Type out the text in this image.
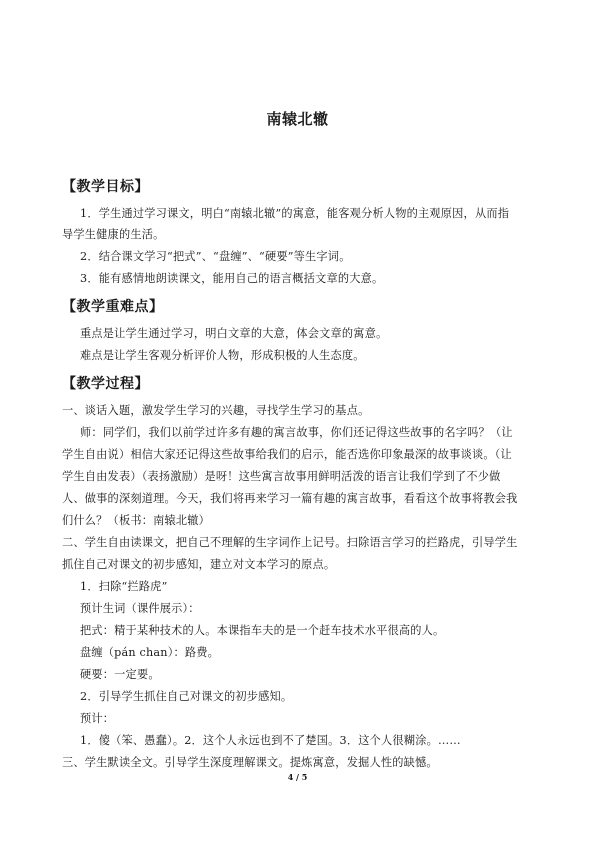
南辕北辙
【教学目标】
1．学生通过学习课文，明白“南辕北辙”的寓意，能客观分析人物的主观原因，从而指
导学生健康的生活。
2．结合课文学习“把式”、“盘缠”、“硬要”等生字词。
3．能有感情地朗读课文，能用自己的语言概括文章的大意。
【教学重难点】
重点是让学生通过学习，明白文章的大意，体会文章的寓意。
难点是让学生客观分析评价人物，形成积极的人生态度。
【教学过程】
一、谈话入题，激发学生学习的兴趣，寻找学生学习的基点。
师：同学们，我们以前学过许多有趣的寓言故事，你们还记得这些故事的名字吗？（让
学生自由说）相信大家还记得这些故事给我们的启示，能否选你印象最深的故事谈谈。（让
学生自由发表）（表扬激励）是呀！这些寓言故事用鲜明活泼的语言让我们学到了不少做
人、做事的深刻道理。今天，我们将再来学习一篇有趣的寓言故事，看看这个故事将教会我
们什么？（板书：南辕北辙）
二、学生自由读课文，把自己不理解的生字词作上记号。扫除语言学习的拦路虎，引导学生
抓住自己对课文的初步感知，建立对文本学习的原点。
1．扫除“拦路虎”
预计生词（课件展示）：
把式：精于某种技术的人。本课指车夫的是一个赶车技术水平很高的人。
盘缠（pán chan）：路费。
硬要：一定要。
2．引导学生抓住自己对课文的初步感知。
预计：
1．傻（笨、愚蠢）。2．这个人永远也到不了楚国。3．这个人很糊涂。……
三、学生默读全文。引导学生深度理解课文。提炼寓意，发掘人性的缺憾。
4 / 5
